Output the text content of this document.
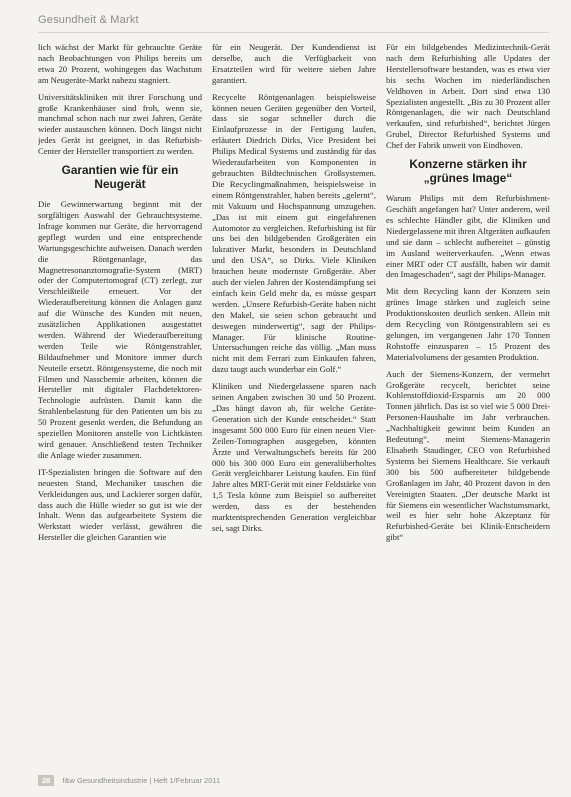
Gesundheit & Markt

lich wächst der Markt für gebrauchte Geräte nach Beobachtungen von Philips bereits um etwa 20 Prozent, wohingegen das Wachstum am Neugeräte-Markt nahezu stagniert.

Universitätskliniken mit ihrer Forschung und große Krankenhäuser sind froh, wenn sie, manchmal schon nach nur zwei Jahren, Geräte wieder austauschen können. Doch längst nicht jedes Gerät ist geeignet, in das Refurbish-Center der Hersteller transportiert zu werden.

Garantien wie für ein Neugerät

Die Gewinnerwartung beginnt mit der sorgfältigen Auswahl der Gebrauchtsysteme. Infrage kommen nur Geräte, die hervorragend gepflegt wurden und eine entsprechende Wartungsgeschichte aufweisen. Danach werden die Röntgenanlage, das Magnetresonanztomografie-System (MRT) oder der Computertomograf (CT) zerlegt, zur Verschleißteile erneuert. Vor der Wiederaufbereitung können die Anlagen ganz auf die Wünsche des Kunden mit neuen, zusätzlichen Applikationen ausgestattet werden. Während der Wiederaufbereitung werden Teile wie Röntgenstrahler, Bildaufnehmer und Monitore immer durch Neuteile ersetzt. Röntgensysteme, die noch mit Filmen und Nasschemie arbeiten, können die Hersteller mit digitaler Flachdetektoren-Technologie aufrüsten. Damit kann die Strahlenbelastung für den Patienten um bis zu 50 Prozent gesenkt werden, die Befundung an speziellen Monitoren anstelle von Lichtkästen wird genauer. Anschließend testen Techniker die Anlage wieder zusammen.

IT-Spezialisten bringen die Software auf den neuesten Stand, Mechaniker tauschen die Verkleidungen aus, und Lackierer sorgen dafür, dass auch die Hülle wieder so gut ist wie der Inhalt. Wenn das aufgearbeitete System die Werkstatt wieder verlässt, gewähren die Hersteller die gleichen Garantien wie

für ein Neugerät. Der Kundendienst ist derselbe, auch die Verfügbarkeit von Ersatzteilen wird für weitere sieben Jahre garantiert.

Recycelte Röntgenanlagen beispielsweise können neuen Geräten gegenüber den Vorteil, dass sie sogar schneller durch die Einlaufprozesse in der Fertigung laufen, erläutert Diedrich Dirks, Vice President bei Philips Medical Systems und zuständig für das Wiederaufarbeiten von Komponenten in gebrauchten Bildtechnischen Großsystemen. Die Recyclingmaßnahmen, beispielsweise in einem Röntgenstrahler, haben bereits „gelernt“, mit Vakuum und Hochspannung umzugehen. „Das ist mit einem gut eingefahrenen Automotor zu vergleichen. Refurbishing ist für uns bei den bildgebenden Großgeräten ein lukrativer Markt, besonders in Deutschland und den USA“, so Dirks. Viele Kliniken brauchen heute modernste Großgeräte. Aber auch der vielen Jahren der Kostendämpfung sei einfach kein Geld mehr da, es müsse gespart werden. „Unsere Refurbish-Geräte haben nicht den Makel, sie seien schon gebraucht und deswegen minderwertig“, sagt der Philips-Manager. Für klinische Routine-Untersuchungen reiche das völlig. „Man muss nicht mit dem Ferrari zum Einkaufen fahren, dazu taugt auch wunderbar ein Golf.“

Kliniken und Niedergelassene sparen nach seinen Angaben zwischen 30 und 50 Prozent. „Das hängt davon ab, für welche Geräte-Generation sich der Kunde entscheidet.“ Statt insgesamt 500 000 Euro für einen neuen Vier-Zeilen-Tomographen ausgegeben, könnten Ärzte und Verwaltungschefs bereits für 200 000 bis 300 000 Euro ein generalüberholtes Gerät vergleichbarer Leistung kaufen. Ein fünf Jahre altes MRT-Gerät mit einer Feldstärke von 1,5 Tesla könne zum Beispiel so aufbereitet werden, dass es der bestehenden marktentsprechenden Generation vergleichbar sei, sagt Dirks.

Für ein bildgebendes Medizintechnik-Gerät nach dem Refurbishing alle Updates der Herstellersoftware bestanden, was es etwa vier bis sechs Wochen im niederländischen Veldhoven in Arbeit. Dort sind etwa 130 Spezialisten angestellt. „Bis zu 30 Prozent aller Röntgenanlagen, die wir nach Deutschland verkaufen, sind refurbished“, berichtet Jürgen Grubel, Director Refurbished Systems und Chef der Fabrik unweit von Eindhoven.

Konzerne stärken ihr „grünes Image“

Warum Philips mit dem Refurbishment-Geschäft angefangen hat? Unter anderem, weil es schlechte Händler gibt, die Kliniken und Niedergelassene mit ihren Altgeräten aufkaufen und sie dann – schlecht aufbereitet – günstig im Ausland weiterverkaufen. „Wenn etwas einer MRT oder CT ausfällt, haben wir damit den Imageschaden“, sagt der Philips-Manager.

Mit dem Recycling kann der Konzern sein grünes Image stärken und zugleich seine Produktionskosten deutlich senken. Allein mit dem Recycling von Röntgenstrahlern sei es gelungen, im vergangenen Jahr 170 Tonnen Rohstoffe einzusparen – 15 Prozent des Materialvolumens der gesamten Produktion.

Auch der Siemens-Konzern, der vermehrt Großgeräte recycelt, berichtet seine Kohlenstoffdioxid-Ersparnis am 20 000 Tonnen jährlich. Das ist so viel wie 5 000 Drei-Personen-Haushalte im Jahr verbrauchen. „Nachhaltigkeit gewinnt beim Kunden an Bedeutung“, meint Siemens-Managerin Elisabeth Staudinger, CEO von Refurbished Systems bei Siemens Healthcare. Sie verkauft 300 bis 500 aufbereiteter bildgebende Großanlagen im Jahr, 40 Prozent davon in den Vereinigten Staaten. „Der deutsche Markt ist für Siemens ein wesentlicher Wachstumsmarkt, weil es hier sehr hohe Akzeptanz für Refurbished-Geräte bei Klinik-Entscheidern gibt“

28 f&w Gesundheitsindustrie | Heft 1/Februar 2011
